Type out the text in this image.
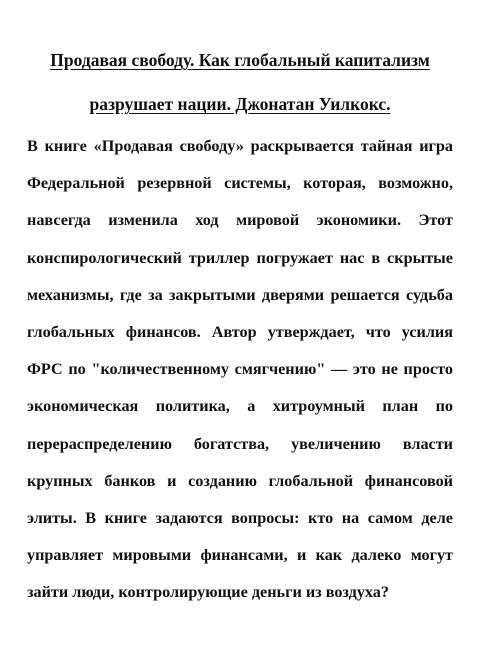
Продавая свободу. Как глобальный капитализм разрушает нации. Джонатан Уилкокс.

В книге «Продавая свободу» раскрывается тайная игра Федеральной резервной системы, которая, возможно, навсегда изменила ход мировой экономики. Этот конспирологический триллер погружает нас в скрытые механизмы, где за закрытыми дверями решается судьба глобальных финансов. Автор утверждает, что усилия ФРС по "количественному смягчению" — это не просто экономическая политика, а хитроумный план по перераспределению богатства, увеличению власти крупных банков и созданию глобальной финансовой элиты. В книге задаются вопросы: кто на самом деле управляет мировыми финансами, и как далеко могут зайти люди, контролирующие деньги из воздуха?
